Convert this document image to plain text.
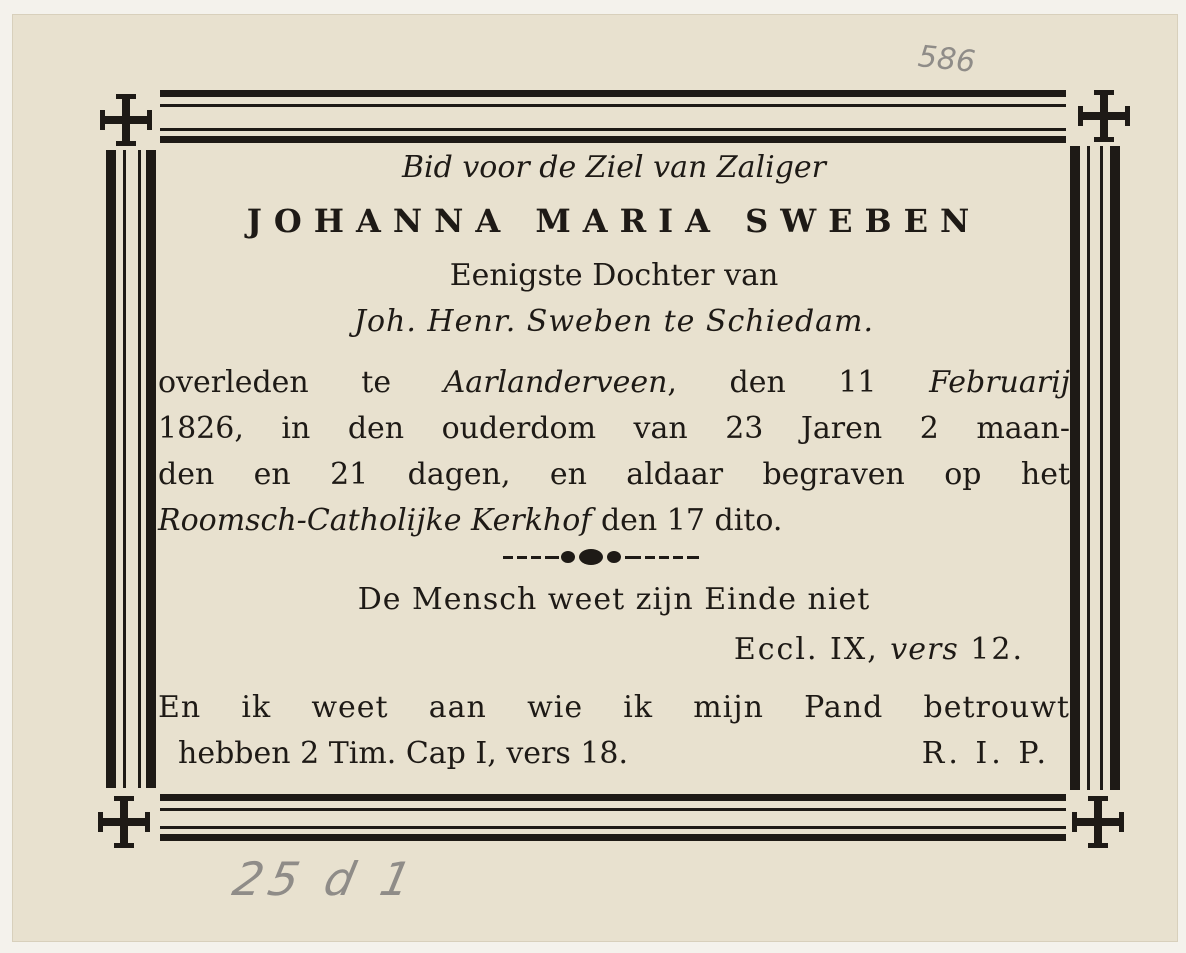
586
25 d 1
Bid voor de Ziel van Zaliger
JOHANNA MARIA SWEBEN
Eenigste Dochter van
Joh. Henr. Sweben te Schiedam.
overleden te Aarlanderveen, den 11 Februarij
1826, in den ouderdom van 23 Jaren 2 maan-
den en 21 dagen, en aldaar begraven op het
Roomsch-Catholijke Kerkhof den 17 dito.
De Mensch weet zijn Einde niet
Eccl. IX, vers 12.
En ik weet aan wie ik mijn Pand betrouwt
hebben 2 Tim. Cap I, vers 18.	R. I. P.
